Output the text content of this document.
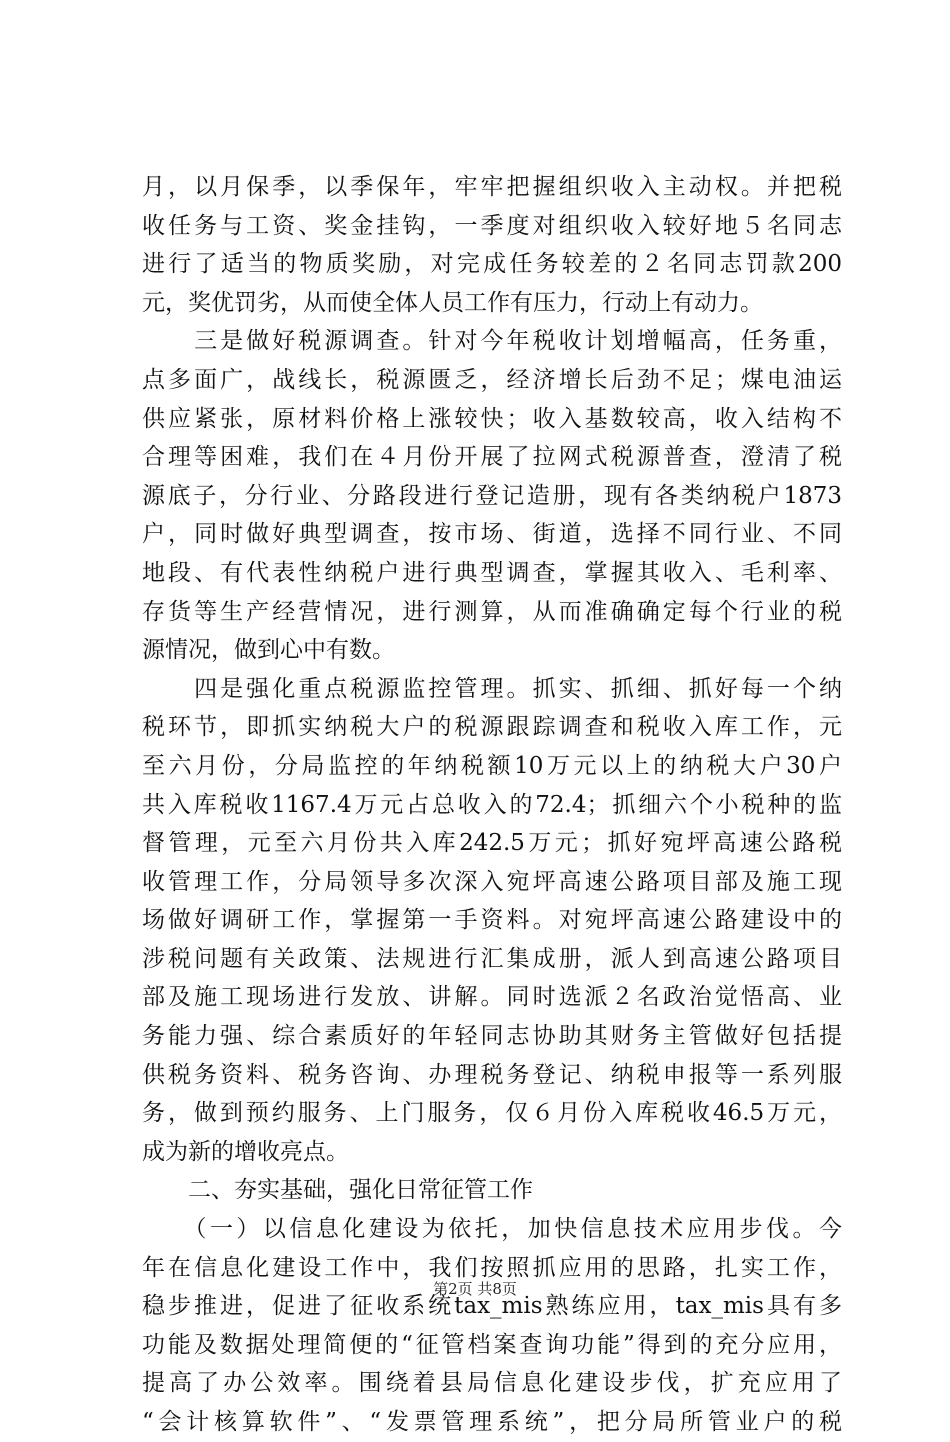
月，以月保季，以季保年，牢牢把握组织收入主动权。并把税
收任务与工资、奖金挂钩，一季度对组织收入较好地５名同志
进行了适当的物质奖励，对完成任务较差的２名同志罚款200
元，奖优罚劣，从而使全体人员工作有压力，行动上有动力。
　　三是做好税源调查。针对今年税收计划增幅高，任务重，
点多面广，战线长，税源匮乏，经济增长后劲不足；煤电油运
供应紧张，原材料价格上涨较快；收入基数较高，收入结构不
合理等困难，我们在４月份开展了拉网式税源普查，澄清了税
源底子，分行业、分路段进行登记造册，现有各类纳税户1873
户，同时做好典型调查，按市场、街道，选择不同行业、不同
地段、有代表性纳税户进行典型调查，掌握其收入、毛利率、
存货等生产经营情况，进行测算，从而准确确定每个行业的税
源情况，做到心中有数。
　　四是强化重点税源监控管理。抓实、抓细、抓好每一个纳
税环节，即抓实纳税大户的税源跟踪调查和税收入库工作，元
至六月份，分局监控的年纳税额10万元以上的纳税大户30户
共入库税收1167.4万元占总收入的72.4；抓细六个小税种的监
督管理，元至六月份共入库242.5万元；抓好宛坪高速公路税
收管理工作，分局领导多次深入宛坪高速公路项目部及施工现
场做好调研工作，掌握第一手资料。对宛坪高速公路建设中的
涉税问题有关政策、法规进行汇集成册，派人到高速公路项目
部及施工现场进行发放、讲解。同时选派２名政治觉悟高、业
务能力强、综合素质好的年轻同志协助其财务主管做好包括提
供税务资料、税务咨询、办理税务登记、纳税申报等一系列服
务，做到预约服务、上门服务，仅６月份入库税收46.5万元，
成为新的增收亮点。
　　二、夯实基础，强化日常征管工作
　　（一）以信息化建设为依托，加快信息技术应用步伐。今
年在信息化建设工作中，我们按照抓应用的思路，扎实工作，
稳步推进，促进了征收系统tax_mis熟练应用，tax_mis具有多
功能及数据处理简便的“征管档案查询功能”得到的充分应用，
提高了办公效率。围绕着县局信息化建设步伐，扩充应用了
“会计核算软件”、“发票管理系统”，把分局所管业户的税
第2页 共8页
